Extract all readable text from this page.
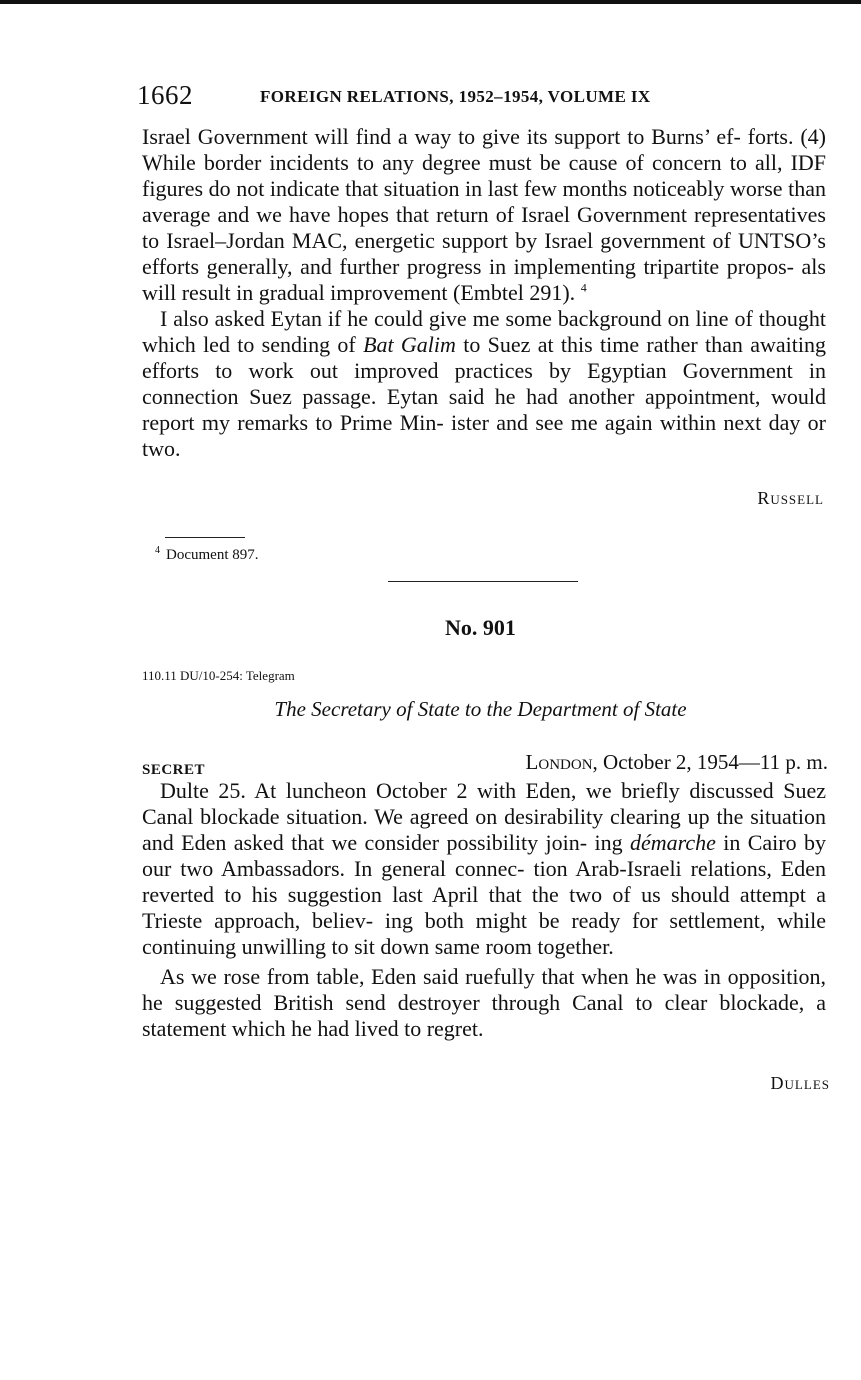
1662	FOREIGN RELATIONS, 1952–1954, VOLUME IX

Israel Government will find a way to give its support to Burns’ ef- forts. (4) While border incidents to any degree must be cause of concern to all, IDF figures do not indicate that situation in last few months noticeably worse than average and we have hopes that return of Israel Government representatives to Israel–Jordan MAC, energetic support by Israel government of UNTSO’s efforts generally, and further progress in implementing tripartite propos- als will result in gradual improvement (Embtel 291). $^4$

I also asked Eytan if he could give me some background on line of thought which led to sending of Bat Galim to Suez at this time rather than awaiting efforts to work out improved practices by Egyptian Government in connection Suez passage. Eytan said he had another appointment, would report my remarks to Prime Min- ister and see me again within next day or two.

Russell
$^4$ Document 897.
No. 901
110.11 DU/10-254: Telegram
The Secretary of State to the Department of State
SECRET	London, October 2, 1954—11 p. m.

Dulte 25. At luncheon October 2 with Eden, we briefly discussed Suez Canal blockade situation. We agreed on desirability clearing up the situation and Eden asked that we consider possibility join- ing démarche in Cairo by our two Ambassadors. In general connec- tion Arab-Israeli relations, Eden reverted to his suggestion last April that the two of us should attempt a Trieste approach, believ- ing both might be ready for settlement, while continuing unwilling to sit down same room together.

As we rose from table, Eden said ruefully that when he was in opposition, he suggested British send destroyer through Canal to clear blockade, a statement which he had lived to regret.

Dulles
